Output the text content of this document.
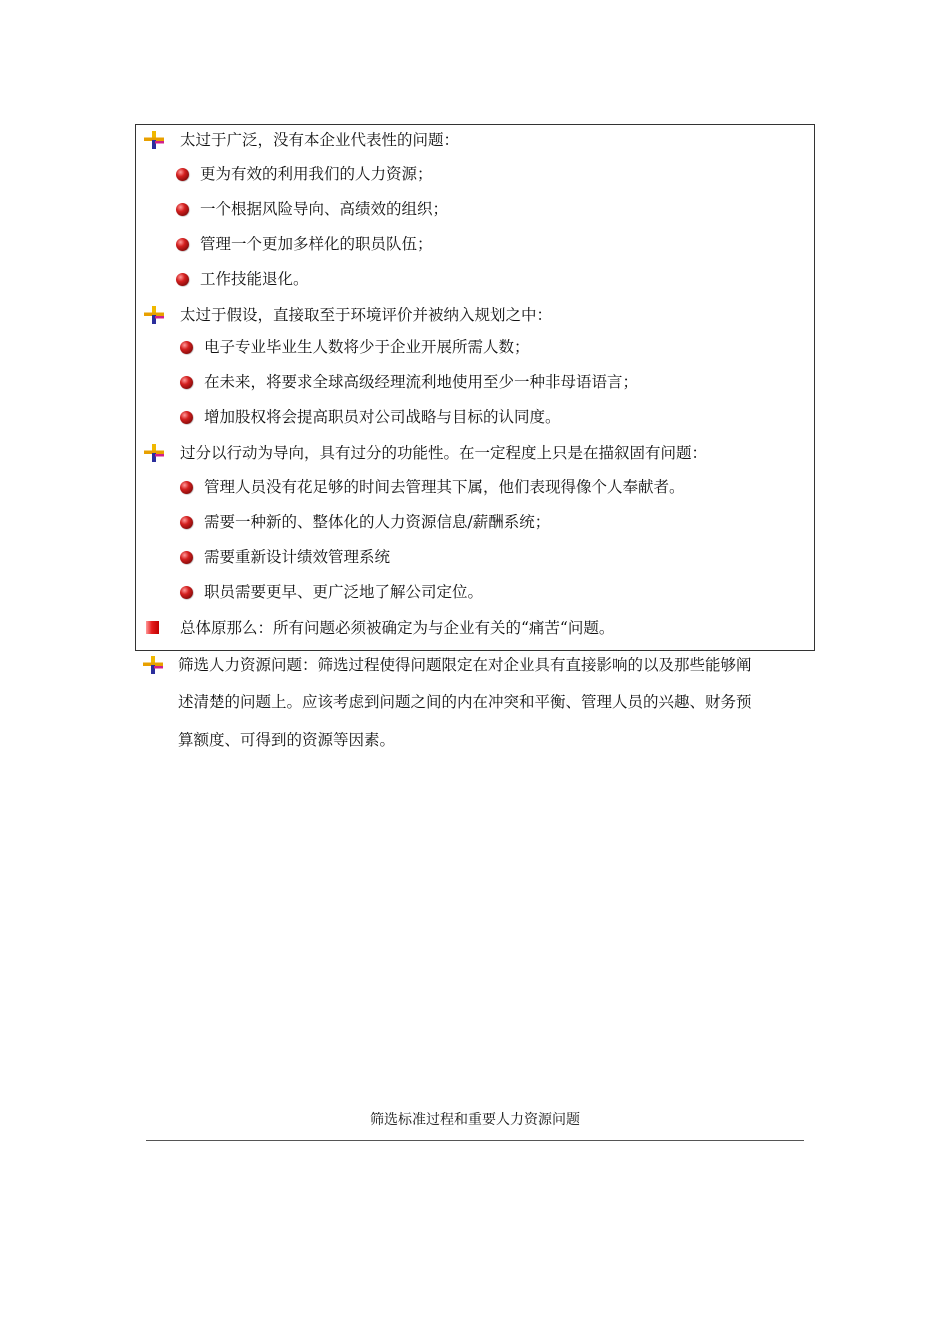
太过于广泛，没有本企业代表性的问题：
更为有效的利用我们的人力资源；
一个根据风险导向、高绩效的组织；
管理一个更加多样化的职员队伍；
工作技能退化。
太过于假设，直接取至于环境评价并被纳入规划之中：
电子专业毕业生人数将少于企业开展所需人数；
在未来，将要求全球高级经理流利地使用至少一种非母语语言；
增加股权将会提高职员对公司战略与目标的认同度。
过分以行动为导向，具有过分的功能性。在一定程度上只是在描叙固有问题：
管理人员没有花足够的时间去管理其下属，他们表现得像个人奉献者。
需要一种新的、整体化的人力资源信息/薪酬系统；
需要重新设计绩效管理系统
职员需要更早、更广泛地了解公司定位。
总体原那么：所有问题必须被确定为与企业有关的“痛苦“问题。
筛选人力资源问题：筛选过程使得问题限定在对企业具有直接影响的以及那些能够阐
述清楚的问题上。应该考虑到问题之间的内在冲突和平衡、管理人员的兴趣、财务预
算额度、可得到的资源等因素。
筛选标准过程和重要人力资源问题
